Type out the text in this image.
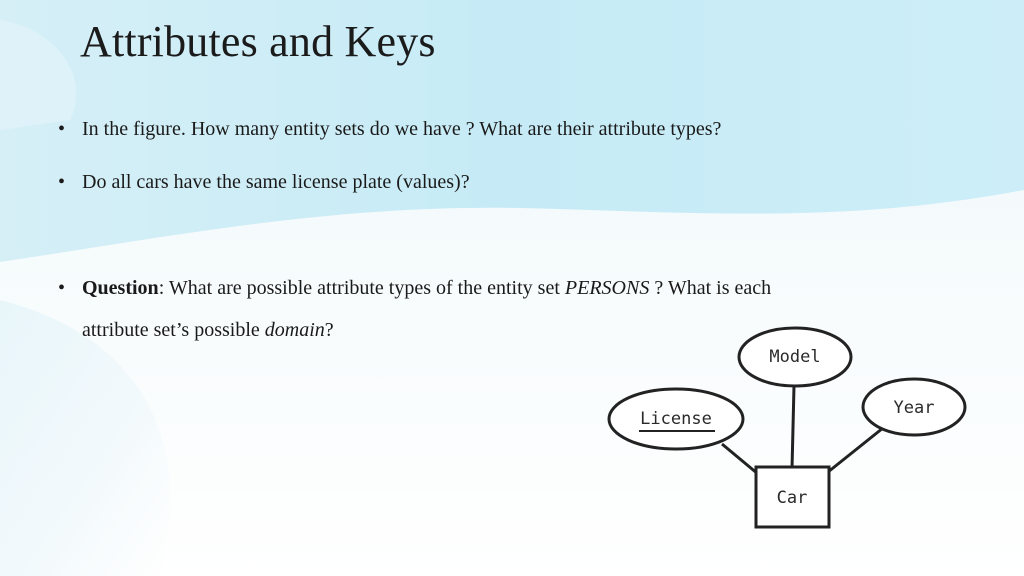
Attributes and Keys
• In the figure. How many entity sets do we have ? What are their attribute types?
• Do all cars have the same license plate (values)?
• Question: What are possible attribute types of the entity set PERSONS ? What is each
attribute set’s possible domain?
Model
Year
License
Car
